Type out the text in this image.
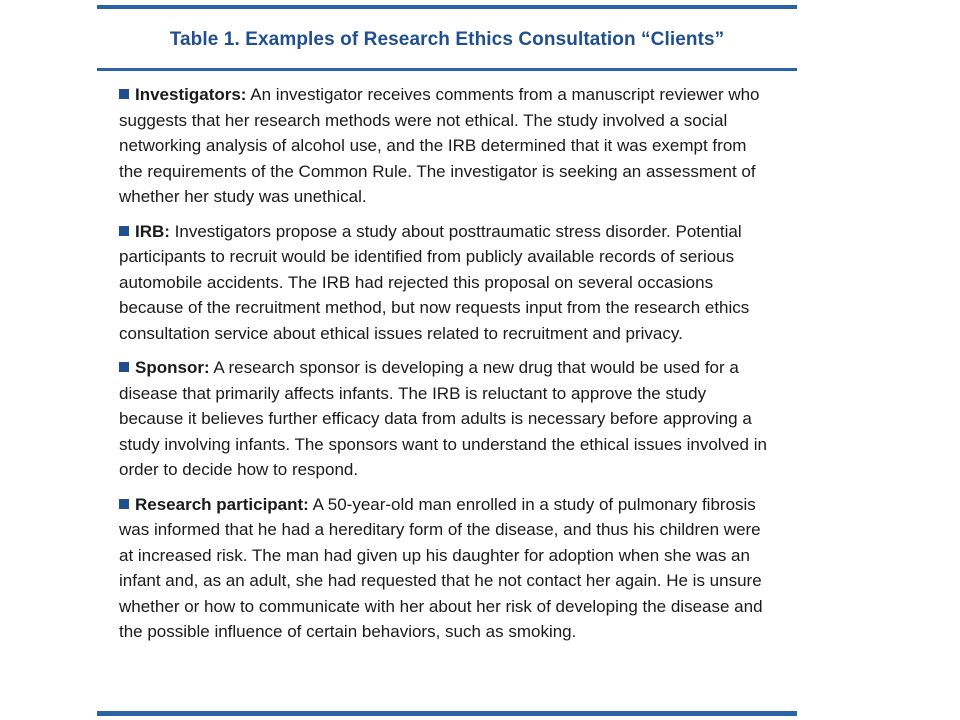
Table 1. Examples of Research Ethics Consultation “Clients”

Investigators: An investigator receives comments from a manuscript reviewer who suggests that her research methods were not ethical. The study involved a social networking analysis of alcohol use, and the IRB determined that it was exempt from the requirements of the Common Rule. The investigator is seeking an assessment of whether her study was unethical.

IRB: Investigators propose a study about posttraumatic stress disorder. Potential participants to recruit would be identified from publicly available records of serious automobile accidents. The IRB had rejected this proposal on several occasions because of the recruitment method, but now requests input from the research ethics consultation service about ethical issues related to recruitment and privacy.

Sponsor: A research sponsor is developing a new drug that would be used for a disease that primarily affects infants. The IRB is reluctant to approve the study because it believes further efficacy data from adults is necessary before approving a study involving infants. The sponsors want to understand the ethical issues involved in order to decide how to respond.

Research participant: A 50-year-old man enrolled in a study of pulmonary fibrosis was informed that he had a hereditary form of the disease, and thus his children were at increased risk. The man had given up his daughter for adoption when she was an infant and, as an adult, she had requested that he not contact her again. He is unsure whether or how to communicate with her about her risk of developing the disease and the possible influence of certain behaviors, such as smoking.
